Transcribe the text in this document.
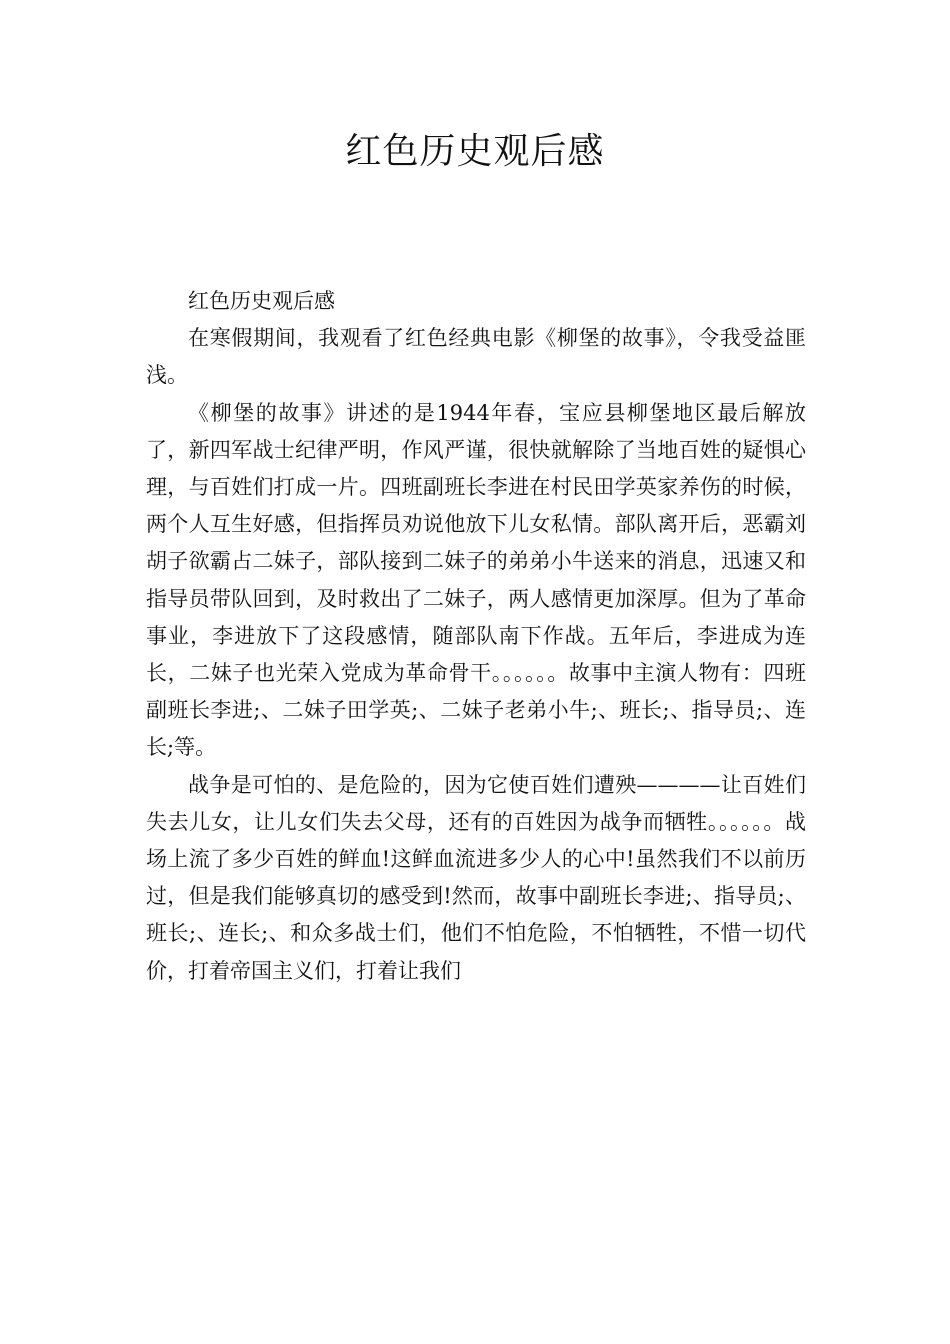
红色历史观后感

红色历史观后感

在寒假期间，我观看了红色经典电影《柳堡的故事》，令我受益匪浅。

《柳堡的故事》讲述的是1944年春，宝应县柳堡地区最后解放了，新四军战士纪律严明，作风严谨，很快就解除了当地百姓的疑惧心理，与百姓们打成一片。四班副班长李进在村民田学英家养伤的时候，两个人互生好感，但指挥员劝说他放下儿女私情。部队离开后，恶霸刘胡子欲霸占二妹子，部队接到二妹子的弟弟小牛送来的消息，迅速又和指导员带队回到，及时救出了二妹子，两人感情更加深厚。但为了革命事业，李进放下了这段感情，随部队南下作战。五年后，李进成为连长，二妹子也光荣入党成为革命骨干。。。。。。故事中主演人物有：四班副班长李进;、二妹子田学英;、二妹子老弟小牛;、班长;、指导员;、连长;等。

战争是可怕的、是危险的，因为它使百姓们遭殃————让百姓们失去儿女，让儿女们失去父母，还有的百姓因为战争而牺牲。。。。。。战场上流了多少百姓的鲜血!这鲜血流进多少人的心中!虽然我们不以前历过，但是我们能够真切的感受到!然而，故事中副班长李进;、指导员;、班长;、连长;、和众多战士们，他们不怕危险，不怕牺牲，不惜一切代价，打着帝国主义们，打着让我们
